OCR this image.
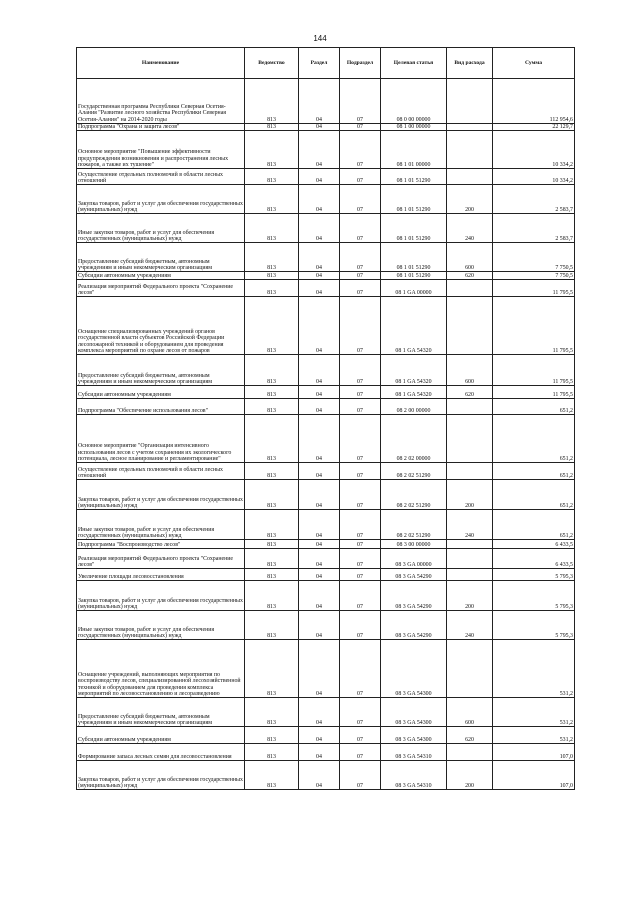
144
Наименование	Ведомство	Раздел	Подраздел	Целевая статья	Вид расхода	Сумма
Государственная программа Республики Северная Осетия-Алания "Развитие лесного хозяйства Республики Северная Осетия-Алания" на 2014-2020 годы	813	04	07	08 0 00 00000		112 954,6
Подпрограмма "Охрана и защита лесов"	813	04	07	08 1 00 00000		22 129,7
Основное мероприятие "Повышение эффективности предупреждения возникновения и распространения лесных пожаров, а также их тушение"	813	04	07	08 1 01 00000		10 334,2
Осуществление отдельных полномочий в области лесных отношений	813	04	07	08 1 01 51290		10 334,2
Закупка товаров, работ и услуг для обеспечения государственных (муниципальных) нужд	813	04	07	08 1 01 51290	200	2 583,7
Иные закупки товаров, работ и услуг для обеспечения государственных (муниципальных) нужд	813	04	07	08 1 01 51290	240	2 583,7
Предоставление субсидий бюджетным, автономным учреждениям и иным некоммерческим организациям	813	04	07	08 1 01 51290	600	7 750,5
Субсидии автономным учреждениям	813	04	07	08 1 01 51290	620	7 750,5
Реализация мероприятий Федерального проекта "Сохранение лесов"	813	04	07	08 1 GA 00000		11 795,5
Оснащение специализированных учреждений органов государственной власти субъектов Российской Федерации лесопожарной техникой и оборудованием для проведения комплекса мероприятий по охране лесов от пожаров	813	04	07	08 1 GA 54320		11 795,5
Предоставление субсидий бюджетным, автономным учреждениям и иным некоммерческим организациям	813	04	07	08 1 GA 54320	600	11 795,5
Субсидии автономным учреждениям	813	04	07	08 1 GA 54320	620	11 795,5
Подпрограмма "Обеспечение использования лесов"	813	04	07	08 2 00 00000		651,2
Основное мероприятие "Организация интенсивного использования лесов с учетом сохранения их экологического потенциала, лесное планирование и регламентирование"	813	04	07	08 2 02 00000		651,2
Осуществление отдельных полномочий в области лесных отношений	813	04	07	08 2 02 51290		651,2
Закупка товаров, работ и услуг для обеспечения государственных (муниципальных) нужд	813	04	07	08 2 02 51290	200	651,2
Иные закупки товаров, работ и услуг для обеспечения государственных (муниципальных) нужд	813	04	07	08 2 02 51290	240	651,2
Подпрограмма "Воспроизводство лесов"	813	04	07	08 3 00 00000		6 433,5
Реализация мероприятий Федерального проекта "Сохранение лесов"	813	04	07	08 3 GA 00000		6 433,5
Увеличение площади лесовосстановления	813	04	07	08 3 GA 54290		5 795,3
Закупка товаров, работ и услуг для обеспечения государственных (муниципальных) нужд	813	04	07	08 3 GA 54290	200	5 795,3
Иные закупки товаров, работ и услуг для обеспечения государственных (муниципальных) нужд	813	04	07	08 3 GA 54290	240	5 795,3
Оснащение учреждений, выполняющих мероприятия по воспроизводству лесов, специализированной лесохозяйственной техникой и оборудованием для проведения комплекса мероприятий по лесовосстановлению и лесоразведению	813	04	07	08 3 GA 54300		531,2
Предоставление субсидий бюджетным, автономным учреждениям и иным некоммерческим организациям	813	04	07	08 3 GA 54300	600	531,2
Субсидии автономным учреждениям	813	04	07	08 3 GA 54300	620	531,2
Формирование запаса лесных семян для лесовосстановления	813	04	07	08 3 GA 54310		107,0
Закупка товаров, работ и услуг для обеспечения государственных (муниципальных) нужд	813	04	07	08 3 GA 54310	200	107,0
